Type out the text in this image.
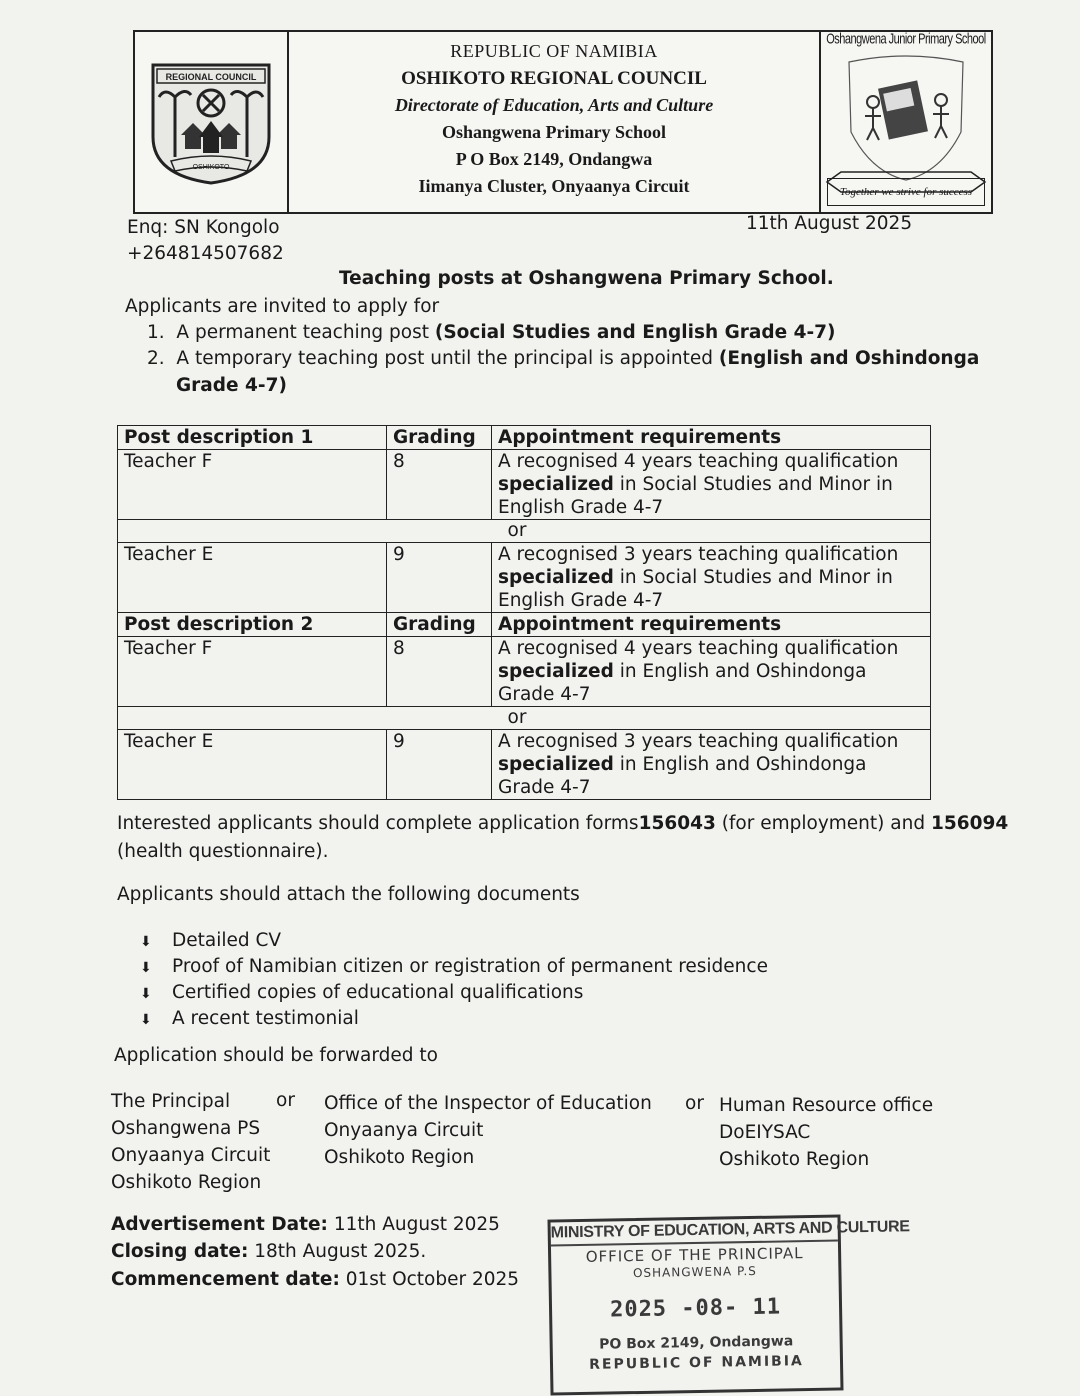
REGIONAL COUNCIL
OSHIKOTO
REPUBLIC OF NAMIBIA
OSHIKOTO REGIONAL COUNCIL
Directorate of Education, Arts and Culture
Oshangwena Primary School
P O Box 2149, Ondangwa
Iimanya Cluster, Onyaanya Circuit
Oshangwena Junior Primary School
Together we strive for success
Enq: SN Kongolo
+264814507682
11th August 2025
Teaching posts at Oshangwena Primary School.
Applicants are invited to apply for
1. A permanent teaching post (Social Studies and English Grade 4-7)
2. A temporary teaching post until the principal is appointed (English and Oshindonga
Grade 4-7)
Post description 1	Grading	Appointment requirements
Teacher F	8	A recognised 4 years teaching qualification
specialized in Social Studies and Minor in
English Grade 4-7
or		
Teacher E	9	A recognised 3 years teaching qualification
specialized in Social Studies and Minor in
English Grade 4-7
Post description 2	Grading	Appointment requirements
Teacher F	8	A recognised 4 years teaching qualification
specialized in English and Oshindonga
Grade 4-7
or		
Teacher E	9	A recognised 3 years teaching qualification
specialized in English and Oshindonga
Grade 4-7
Interested applicants should complete application forms156043 (for employment) and 156094
(health questionnaire).
Applicants should attach the following documents
⬇ Detailed CV
⬇ Proof of Namibian citizen or registration of permanent residence
⬇ Certified copies of educational qualifications
⬇ A recent testimonial
Application should be forwarded to
The Principal
Oshangwena PS
Onyaanya Circuit
Oshikoto Region
or Office of the Inspector of Education
Onyaanya Circuit
Oshikoto Region
or Human Resource office
DoEIYSAC
Oshikoto Region
Advertisement Date: 11th August 2025
Closing date: 18th August 2025.
Commencement date: 01st October 2025
MINISTRY OF EDUCATION, ARTS AND CULTURE
OFFICE OF THE PRINCIPAL
OSHANGWENA P.S
2025 -08- 11
PO Box 2149, Ondangwa
REPUBLIC OF NAMIBIA
